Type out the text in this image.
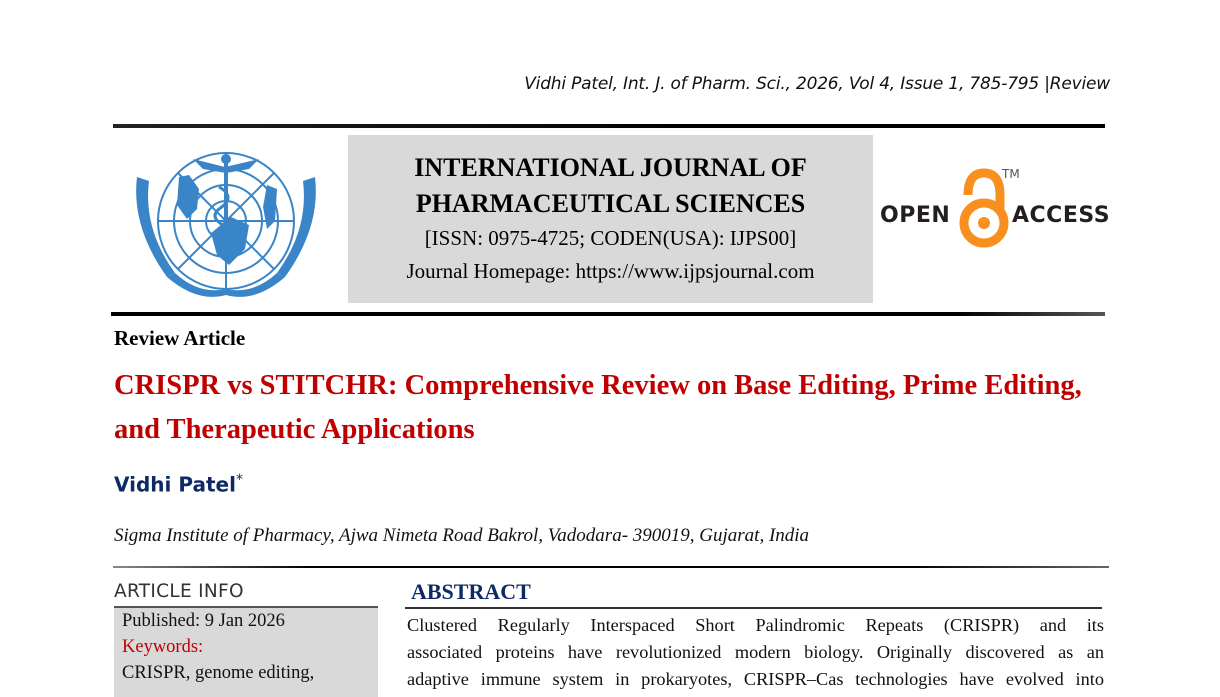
Vidhi Patel, Int. J. of Pharm. Sci., 2026, Vol 4, Issue 1, 785-795 |Review
INTERNATIONAL JOURNAL OF
PHARMACEUTICAL SCIENCES
[ISSN: 0975-4725; CODEN(USA): IJPS00]
Journal Homepage: https://www.ijpsjournal.com
OPEN	ACCESS
TM
Review Article
CRISPR vs STITCHR: Comprehensive Review on Base Editing, Prime Editing, and Therapeutic Applications
Vidhi Patel*
Sigma Institute of Pharmacy, Ajwa Nimeta Road Bakrol, Vadodara- 390019, Gujarat, India
ARTICLE INFO
Published: 9 Jan 2026
Keywords:
CRISPR, genome editing,
ABSTRACT
Clustered Regularly Interspaced Short Palindromic Repeats (CRISPR) and its
associated proteins have revolutionized modern biology. Originally discovered as an
adaptive immune system in prokaryotes, CRISPR–Cas technologies have evolved into
